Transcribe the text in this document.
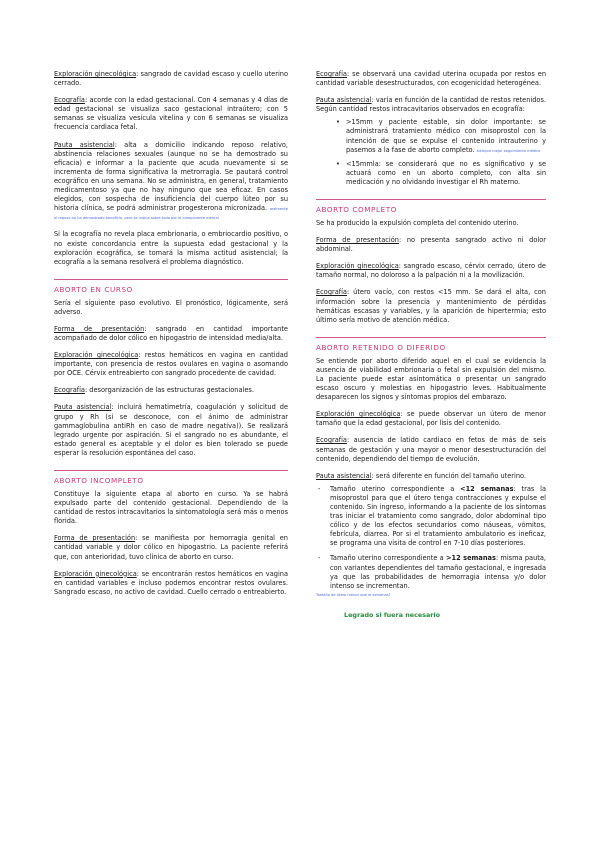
Exploración ginecológica: sangrado de cavidad escaso y cuello uterino cerrado.

Ecografía: acorde con la edad gestacional. Con 4 semanas y 4 días de edad gestacional se visualiza saco gestacional intraútero; con 5 semanas se visualiza vesícula vitelina y con 6 semanas se visualiza frecuencia cardiaca fetal.

Pauta asistencial: alta a domicilio indicando reposo relativo, abstinencia relaciones sexuales (aunque no se ha demostrado su eficacia) e informar a la paciente que acuda nuevamente si se incrementa de forma significativa la metrorragia. Se pautará control ecográfico en una semana. No se administra, en general, tratamiento medicamentoso ya que no hay ninguno que sea eficaz. En casos elegidos, con sospecha de insuficiencia del cuerpo lúteo por su historia clínica, se podrá administrar progesterona micronizada. realmente el reposo no ha demostrado beneficio, pero se indica sobre todo por el componente mental

Si la ecografía no revela placa embrionaria, o embriocardio positivo, o no existe concordancia entre la supuesta edad gestacional y la exploración ecográfica, se tomará la misma actitud asistencial; la ecografía a la semana resolverá el problema diagnóstico.

ABORTO EN CURSO

Sería el siguiente paso evolutivo. El pronóstico, lógicamente, será adverso.

Forma de presentación: sangrado en cantidad importante acompañado de dolor cólico en hipogastrio de intensidad media/alta.

Exploración ginecológica: restos hemáticos en vagina en cantidad importante, con presencia de restos ovulares en vagina o asomando por OCE. Cérvix entreabierto con sangrado procedente de cavidad.

Ecografía: desorganización de las estructuras gestacionales.

Pauta asistencial: incluirá hematimetría, coagulación y solicitud de grupo y Rh (si se desconoce, con el ánimo de administrar gammaglobulina antiRh en caso de madre negativa)). Se realizará legrado urgente por aspiración. Si el sangrado no es abundante, el estado general es aceptable y el dolor es bien tolerado se puede esperar la resolución espontánea del caso.

ABORTO INCOMPLETO

Constituye la siguiente etapa al aborto en curso. Ya se habrá expulsado parte del contenido gestacional. Dependiendo de la cantidad de restos intracavitarios la sintomatología será más o menos florida.

Forma de presentación: se manifiesta por hemorragia genital en cantidad variable y dolor cólico en hipogastrio. La paciente referirá que, con anterioridad, tuvo clínica de aborto en curso.

Exploración ginecológica: se encontrarán restos hemáticos en vagina en cantidad variables e incluso podemos encontrar restos ovulares. Sangrado escaso, no activo de cavidad. Cuello cerrado o entreabierto.

Ecografía: se observará una cavidad uterina ocupada por restos en cantidad variable desestructurados, con ecogenicidad heterogénea.

Pauta asistencial: varía en función de la cantidad de restos retenidos. Según cantidad restos intracavitarios observados en ecografía:

• >15mm y paciente estable, sin dolor importante: se administrará tratamiento médico con misoprostol con la intención de que se expulse el contenido intrauterino y pasemos a la fase de aborto completo. siempre mejor seguimiento médico
• <15mmla: se considerará que no es significativo y se actuará como en un aborto completo, con alta sin medicación y no olvidando investigar el Rh materno.
ABORTO COMPLETO

Se ha producido la expulsión completa del contenido uterino.

Forma de presentación: no presenta sangrado activo ni dolor abdominal.

Exploración ginecológica: sangrado escaso, cérvix cerrado, útero de tamaño normal, no doloroso a la palpación ni a la movilización.

Ecografía: útero vacío, con restos <15 mm. Se dará el alta, con información sobre la presencia y mantenimiento de pérdidas hemáticas escasas y variables, y la aparición de hipertermia; esto último sería motivo de atención médica.

ABORTO RETENIDO O DIFERIDO

Se entiende por aborto diferido aquel en el cual se evidencia la ausencia de viabilidad embrionaria o fetal sin expulsión del mismo. La paciente puede estar asintomática o presentar un sangrado escaso oscuro y molestias en hipogastrio leves. Habitualmente desaparecen los signos y síntomas propios del embarazo.

Exploración ginecológica: se puede observar un útero de menor tamaño que la edad gestacional, por lisis del contenido.

Ecografía: ausencia de latido cardiaco en fetos de más de seis semanas de gestación y una mayor o menor desestructuración del contenido, dependiendo del tiempo de evolución.

Pauta asistencial: será diferente en función del tamaño uterino.

- Tamaño uterino correspondiente a <12 semanas: tras la misoprostol para que el útero tenga contracciones y expulse el contenido. Sin ingreso, informando a la paciente de los síntomas tras iniciar el tratamiento como sangrado, dolor abdominal tipo cólico y de los efectos secundarios como náuseas, vómitos, febrícula, diarrea. Por si el tratamiento ambulatorio es ineficaz, se programa una visita de control en 7-10 días posteriores.
- Tamaño uterino correspondiente a >12 semanas: misma pauta, con variantes dependientes del tamaño gestacional, e ingresada ya que las probabilidades de hemorragia intensa y/o dolor intenso se incrementan.
Tamaño de útero menor que el semanas?
Legrado si fuera necesario
